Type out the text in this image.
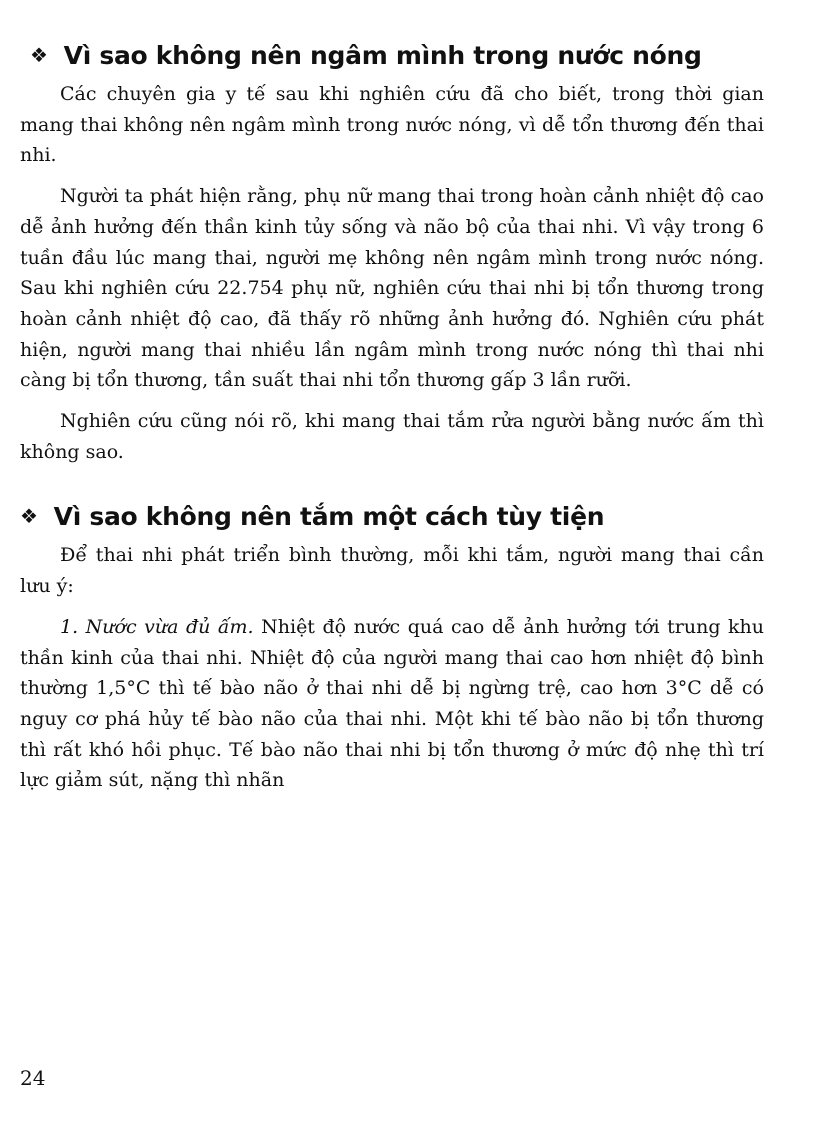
❖ Vì sao không nên ngâm mình trong nước nóng

Các chuyên gia y tế sau khi nghiên cứu đã cho biết, trong thời gian mang thai không nên ngâm mình trong nước nóng, vì dễ tổn thương đến thai nhi.

Người ta phát hiện rằng, phụ nữ mang thai trong hoàn cảnh nhiệt độ cao dễ ảnh hưởng đến thần kinh tủy sống và não bộ của thai nhi. Vì vậy trong 6 tuần đầu lúc mang thai, người mẹ không nên ngâm mình trong nước nóng. Sau khi nghiên cứu 22.754 phụ nữ, nghiên cứu thai nhi bị tổn thương trong hoàn cảnh nhiệt độ cao, đã thấy rõ những ảnh hưởng đó. Nghiên cứu phát hiện, người mang thai nhiều lần ngâm mình trong nước nóng thì thai nhi càng bị tổn thương, tần suất thai nhi tổn thương gấp 3 lần rưỡi.

Nghiên cứu cũng nói rõ, khi mang thai tắm rửa người bằng nước ấm thì không sao.

❖ Vì sao không nên tắm một cách tùy tiện

Để thai nhi phát triển bình thường, mỗi khi tắm, người mang thai cần lưu ý:

1. Nước vừa đủ ấm. Nhiệt độ nước quá cao dễ ảnh hưởng tới trung khu thần kinh của thai nhi. Nhiệt độ của người mang thai cao hơn nhiệt độ bình thường 1,5°C thì tế bào não ở thai nhi dễ bị ngừng trệ, cao hơn 3°C dễ có nguy cơ phá hủy tế bào não của thai nhi. Một khi tế bào não bị tổn thương thì rất khó hồi phục. Tế bào não thai nhi bị tổn thương ở mức độ nhẹ thì trí lực giảm sút, nặng thì nhãn

24
